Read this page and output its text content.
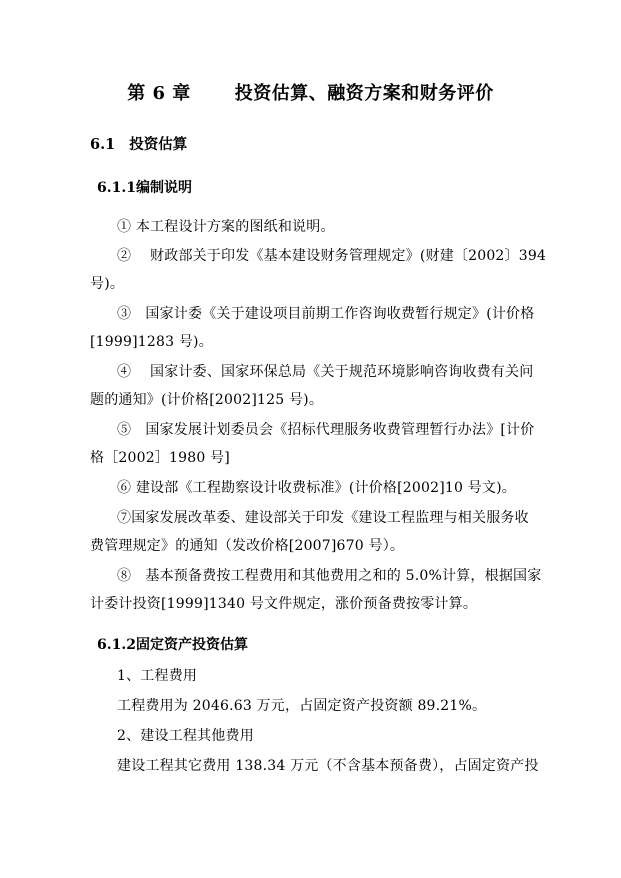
第 6 章 投资估算、融资方案和财务评价
6.1 投资估算
6.1.1编制说明
① 本工程设计方案的图纸和说明。
②　 财政部关于印发《基本建设财务管理规定》(财建〔2002〕394
号)。
③　国家计委《关于建设项目前期工作咨询收费暂行规定》(计价格
[1999]1283 号)。
④　 国家计委、国家环保总局《关于规范环境影响咨询收费有关问
题的通知》(计价格[2002]125 号)。
⑤　国家发展计划委员会《招标代理服务收费管理暂行办法》[计价
格［2002］1980 号]
⑥ 建设部《工程勘察设计收费标准》(计价格[2002]10 号文)。
⑦国家发展改革委、建设部关于印发《建设工程监理与相关服务收
费管理规定》的通知（发改价格[2007]670 号）。
⑧　基本预备费按工程费用和其他费用之和的 5.0%计算，根据国家
计委计投资[1999]1340 号文件规定，涨价预备费按零计算。
6.1.2固定资产投资估算
1、工程费用
工程费用为 2046.63 万元，占固定资产投资额 89.21%。
2、建设工程其他费用
建设工程其它费用 138.34 万元（不含基本预备费），占固定资产投
